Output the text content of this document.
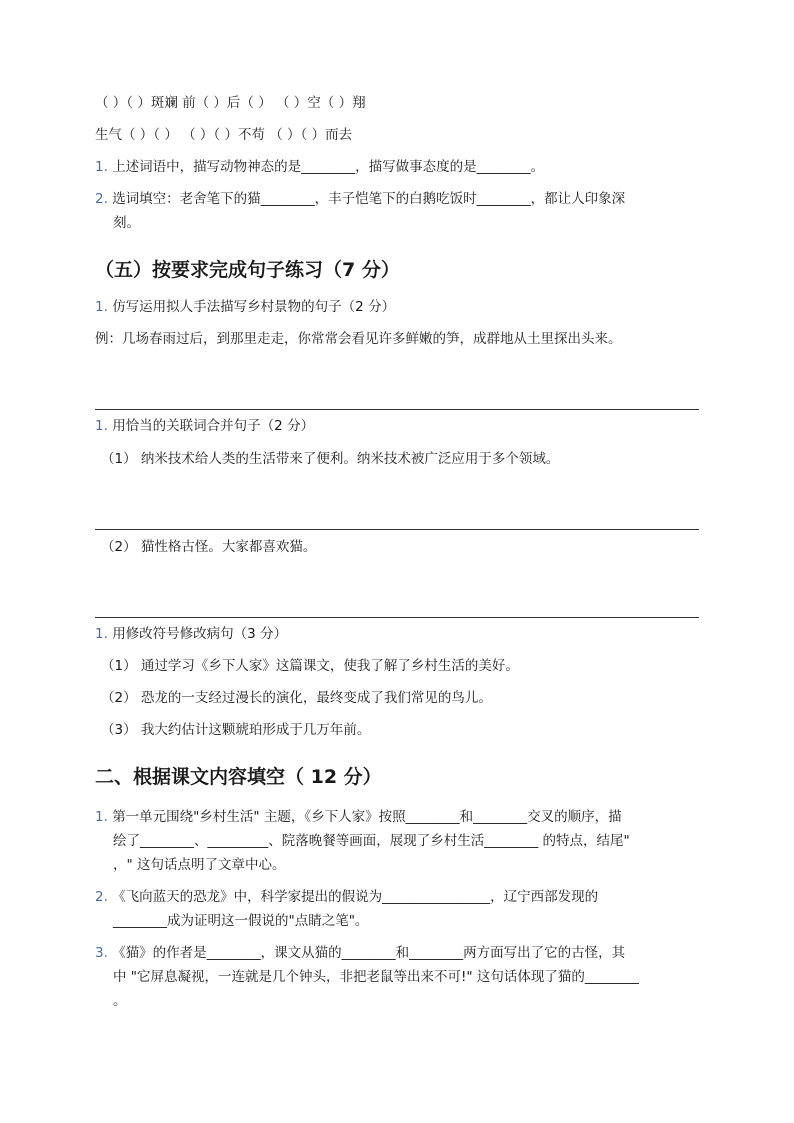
（ ）（ ）斑斓 前（ ）后（ ） （ ）空（ ）翔
生气（ ）（ ） （ ）（ ）不苟 （ ）（ ）而去
1. 上述词语中，描写动物神态的是________，描写做事态度的是________。
2. 选词填空：老舍笔下的猫________，丰子恺笔下的白鹅吃饭时________，都让人印象深
刻。
（五）按要求完成句子练习（7 分）
1. 仿写运用拟人手法描写乡村景物的句子（2 分）
例：几场春雨过后，到那里走走，你常常会看见许多鲜嫩的笋，成群地从土里探出头来。
1. 用恰当的关联词合并句子（2 分）
（1） 纳米技术给人类的生活带来了便利。纳米技术被广泛应用于多个领域。
（2） 猫性格古怪。大家都喜欢猫。
1. 用修改符号修改病句（3 分）
（1） 通过学习《乡下人家》这篇课文，使我了解了乡村生活的美好。
（2） 恐龙的一支经过漫长的演化，最终变成了我们常见的鸟儿。
（3） 我大约估计这颗琥珀形成于几万年前。
二、根据课文内容填空（ 12 分）
1. 第一单元围绕"乡村生活" 主题，《乡下人家》按照________和________交叉的顺序，描
绘了________、_________、院落晚餐等画面，展现了乡村生活________ 的特点，结尾"
，" 这句话点明了文章中心。
2. 《飞向蓝天的恐龙》中，科学家提出的假说为________________，辽宁西部发现的
________成为证明这一假说的"点睛之笔"。
3. 《猫》的作者是________，课文从猫的________和________两方面写出了它的古怪，其
中 "它屏息凝视，一连就是几个钟头，非把老鼠等出来不可!" 这句话体现了猫的________
。
